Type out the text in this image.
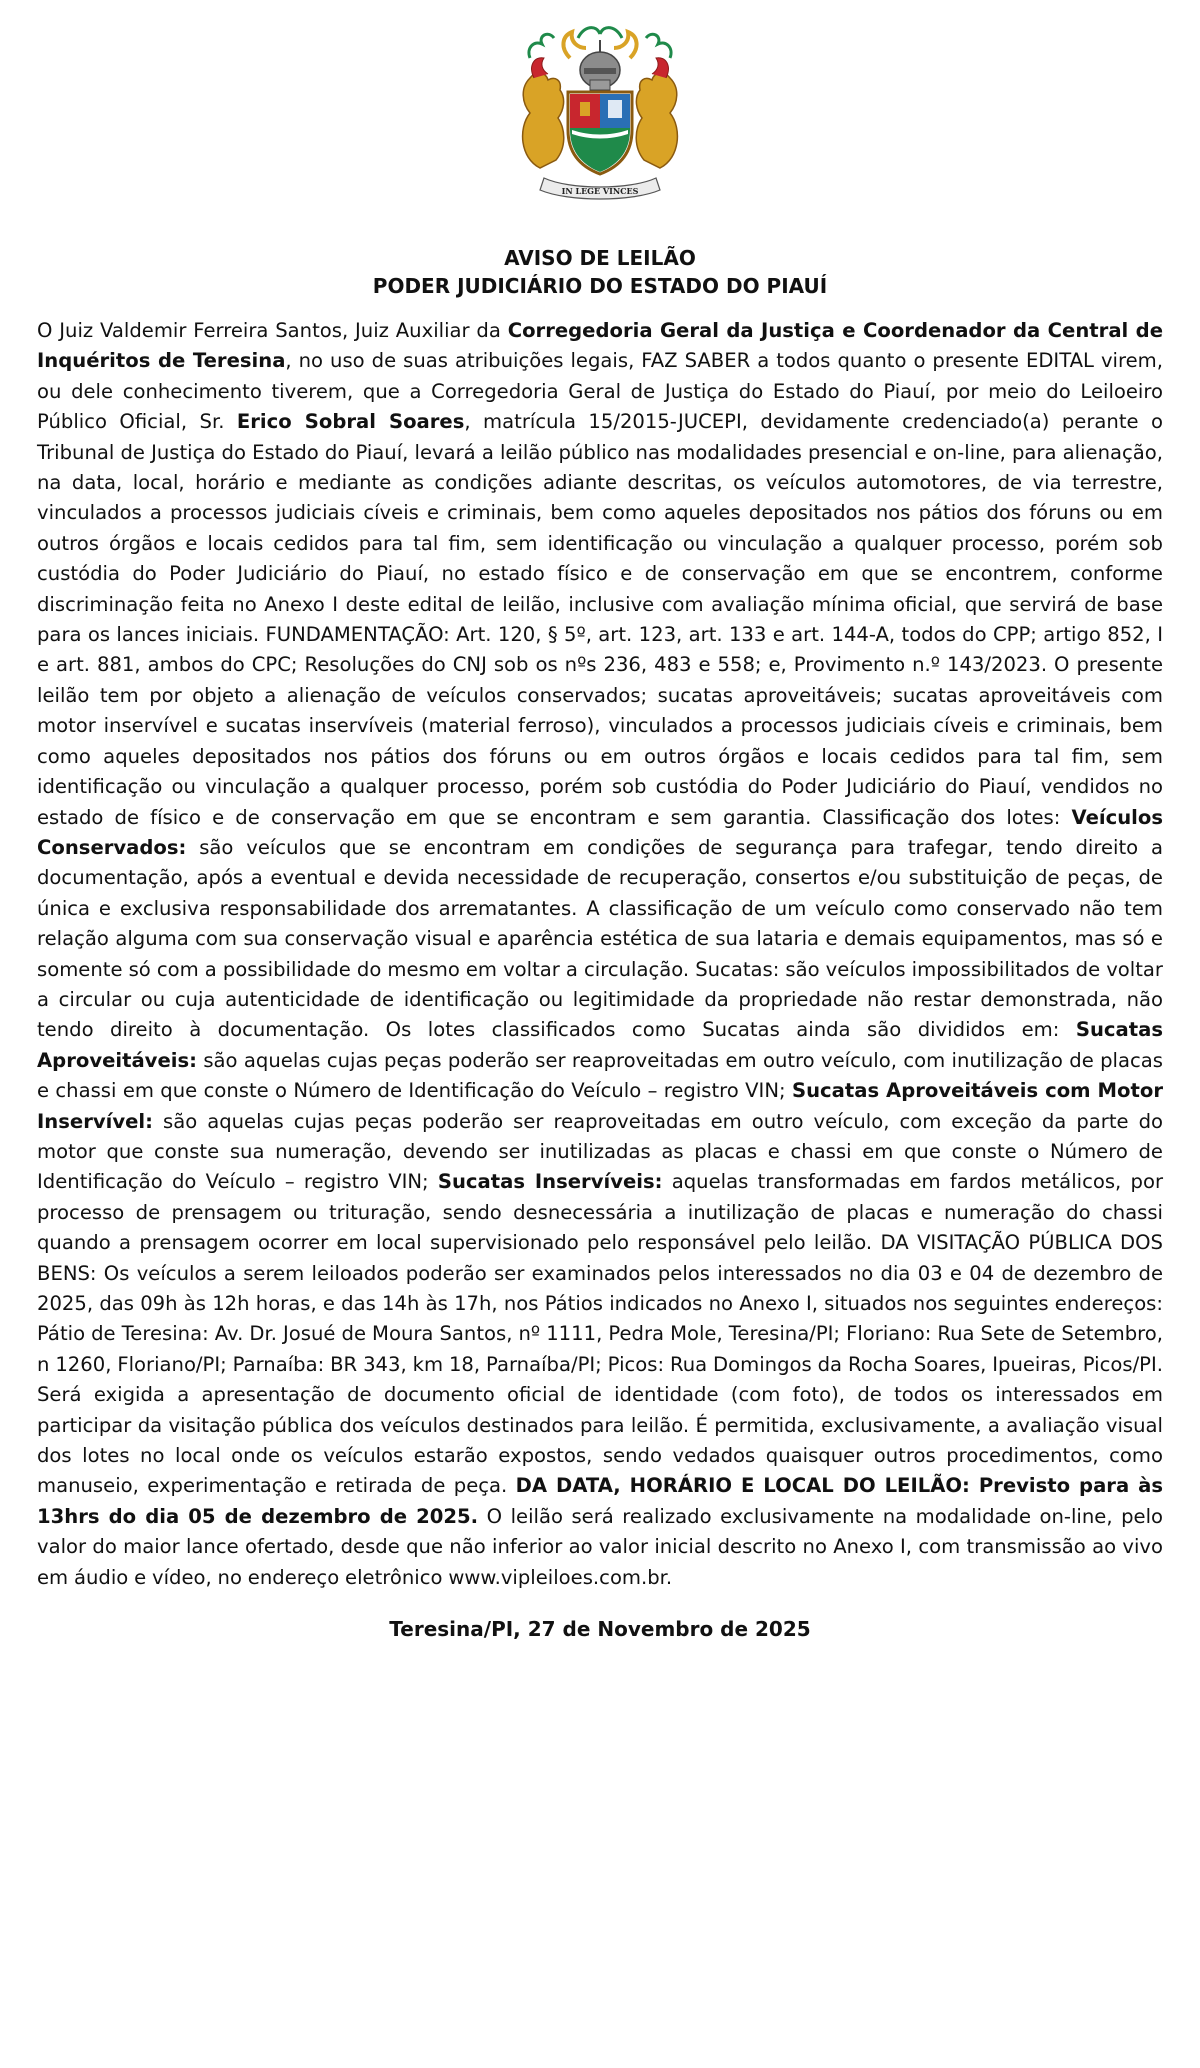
IN LEGE VINCES
AVISO DE LEILÃO
PODER JUDICIÁRIO DO ESTADO DO PIAUÍ
O Juiz Valdemir Ferreira Santos, Juiz Auxiliar da Corregedoria Geral da Justiça e Coordenador da Central de Inquéritos de Teresina, no uso de suas atribuições legais, FAZ SABER a todos quanto o presente EDITAL virem, ou dele conhecimento tiverem, que a Corregedoria Geral de Justiça do Estado do Piauí, por meio do Leiloeiro Público Oficial, Sr. Erico Sobral Soares, matrícula 15/2015-JUCEPI, devidamente credenciado(a) perante o Tribunal de Justiça do Estado do Piauí, levará a leilão público nas modalidades presencial e on-line, para alienação, na data, local, horário e mediante as condições adiante descritas, os veículos automotores, de via terrestre, vinculados a processos judiciais cíveis e criminais, bem como aqueles depositados nos pátios dos fóruns ou em outros órgãos e locais cedidos para tal fim, sem identificação ou vinculação a qualquer processo, porém sob custódia do Poder Judiciário do Piauí, no estado físico e de conservação em que se encontrem, conforme discriminação feita no Anexo I deste edital de leilão, inclusive com avaliação mínima oficial, que servirá de base para os lances iniciais. FUNDAMENTAÇÃO: Art. 120, § 5º, art. 123, art. 133 e art. 144-A, todos do CPP; artigo 852, I e art. 881, ambos do CPC; Resoluções do CNJ sob os nºs 236, 483 e 558; e, Provimento n.º 143/2023. O presente leilão tem por objeto a alienação de veículos conservados; sucatas aproveitáveis; sucatas aproveitáveis com motor inservível e sucatas inservíveis (material ferroso), vinculados a processos judiciais cíveis e criminais, bem como aqueles depositados nos pátios dos fóruns ou em outros órgãos e locais cedidos para tal fim, sem identificação ou vinculação a qualquer processo, porém sob custódia do Poder Judiciário do Piauí, vendidos no estado de físico e de conservação em que se encontram e sem garantia. Classificação dos lotes: Veículos Conservados: são veículos que se encontram em condições de segurança para trafegar, tendo direito a documentação, após a eventual e devida necessidade de recuperação, consertos e/ou substituição de peças, de única e exclusiva responsabilidade dos arrematantes. A classificação de um veículo como conservado não tem relação alguma com sua conservação visual e aparência estética de sua lataria e demais equipamentos, mas só e somente só com a possibilidade do mesmo em voltar a circulação. Sucatas: são veículos impossibilitados de voltar a circular ou cuja autenticidade de identificação ou legitimidade da propriedade não restar demonstrada, não tendo direito à documentação. Os lotes classificados como Sucatas ainda são divididos em: Sucatas Aproveitáveis: são aquelas cujas peças poderão ser reaproveitadas em outro veículo, com inutilização de placas e chassi em que conste o Número de Identificação do Veículo – registro VIN; Sucatas Aproveitáveis com Motor Inservível: são aquelas cujas peças poderão ser reaproveitadas em outro veículo, com exceção da parte do motor que conste sua numeração, devendo ser inutilizadas as placas e chassi em que conste o Número de Identificação do Veículo – registro VIN; Sucatas Inservíveis: aquelas transformadas em fardos metálicos, por processo de prensagem ou trituração, sendo desnecessária a inutilização de placas e numeração do chassi quando a prensagem ocorrer em local supervisionado pelo responsável pelo leilão. DA VISITAÇÃO PÚBLICA DOS BENS: Os veículos a serem leiloados poderão ser examinados pelos interessados no dia 03 e 04 de dezembro de 2025, das 09h às 12h horas, e das 14h às 17h, nos Pátios indicados no Anexo I, situados nos seguintes endereços: Pátio de Teresina: Av. Dr. Josué de Moura Santos, nº 1111, Pedra Mole, Teresina/PI; Floriano: Rua Sete de Setembro, n 1260, Floriano/PI; Parnaíba: BR 343, km 18, Parnaíba/PI; Picos: Rua Domingos da Rocha Soares, Ipueiras, Picos/PI. Será exigida a apresentação de documento oficial de identidade (com foto), de todos os interessados em participar da visitação pública dos veículos destinados para leilão. É permitida, exclusivamente, a avaliação visual dos lotes no local onde os veículos estarão expostos, sendo vedados quaisquer outros procedimentos, como manuseio, experimentação e retirada de peça. DA DATA, HORÁRIO E LOCAL DO LEILÃO: Previsto para às 13hrs do dia 05 de dezembro de 2025. O leilão será realizado exclusivamente na modalidade on-line, pelo valor do maior lance ofertado, desde que não inferior ao valor inicial descrito no Anexo I, com transmissão ao vivo em áudio e vídeo, no endereço eletrônico www.vipleiloes.com.br.
Teresina/PI, 27 de Novembro de 2025
